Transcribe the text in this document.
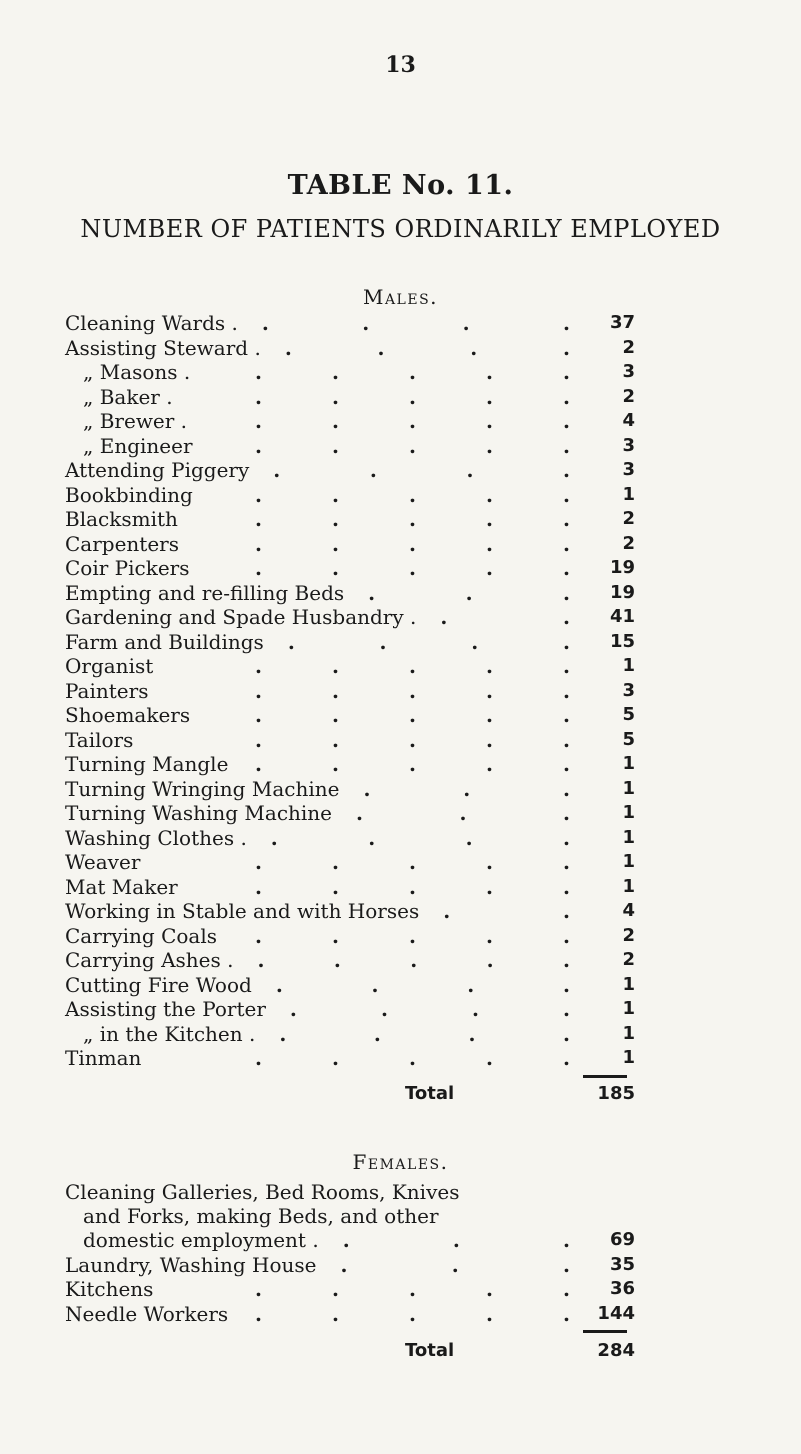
13
TABLE No. 11.
NUMBER OF PATIENTS ORDINARILY EMPLOYED
Males.
Cleaning Wards .	37
.	.	.	.
Assisting Steward .	2
.	.	.	.
„ Masons .	3
.	.	.	.	.
„ Baker .	2
.	.	.	.	.
„ Brewer .	4
.	.	.	.	.
„ Engineer	3
.	.	.	.	.
Attending Piggery	3
.	.	.	.
Bookbinding	1
.	.	.	.	.
Blacksmith	2
.	.	.	.	.
Carpenters	2
.	.	.	.	.
Coir Pickers	19
.	.	.	.	.
Empting and re-filling Beds	19
.	.	.
Gardening and Spade Husbandry .	41
.	.
Farm and Buildings	15
.	.	.	.
Organist	1
.	.	.	.	.
Painters	3
.	.	.	.	.
Shoemakers	5
.	.	.	.	.
Tailors	5
.	.	.	.	.
Turning Mangle	1
.	.	.	.	.
Turning Wringing Machine	1
.	.	.
Turning Washing Machine	1
.	.	.
Washing Clothes .	1
.	.	.	.
Weaver	1
.	.	.	.	.
Mat Maker	1
.	.	.	.	.
Working in Stable and with Horses	4
.	.
Carrying Coals	2
.	.	.	.	.
Carrying Ashes .	2
.	.	.	.	.
Cutting Fire Wood	1
.	.	.	.
Assisting the Porter	1
.	.	.	.
„ in the Kitchen .	1
.	.	.	.
Tinman	1
.	.	.	.	.
Total	185
Females.
Cleaning Galleries, Bed Rooms, Knives
and Forks, making Beds, and other
domestic employment .	69
.	.	.
Laundry, Washing House	35
.	.	.
Kitchens	36
.	.	.	.	.
Needle Workers	144
.	.	.	.	.
Total	284
